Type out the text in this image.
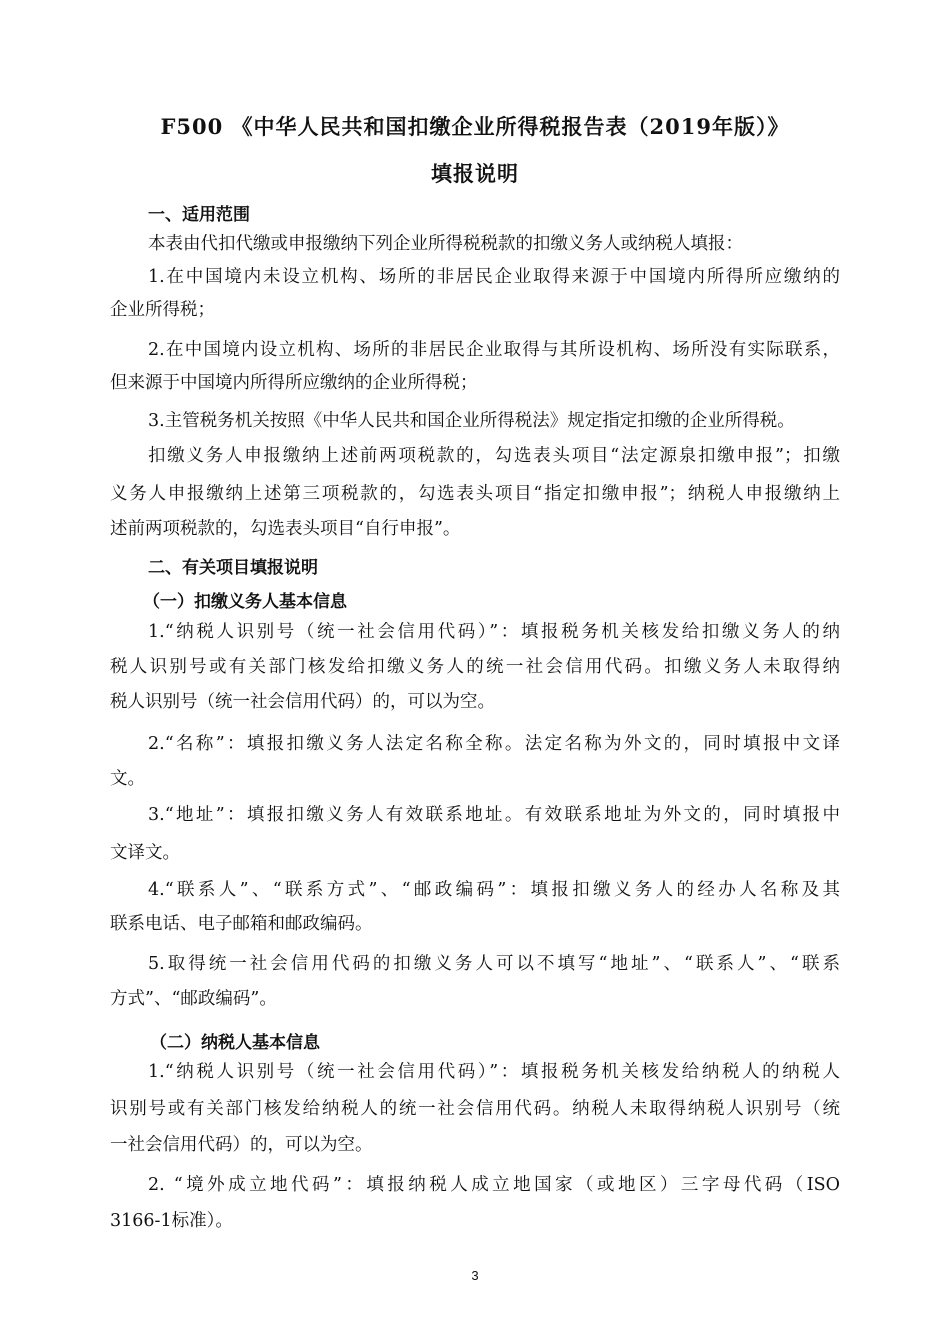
F500 《中华人民共和国扣缴企业所得税报告表（2019年版）》
填报说明
一、适用范围
本表由代扣代缴或申报缴纳下列企业所得税税款的扣缴义务人或纳税人填报：
1.在中国境内未设立机构、场所的非居民企业取得来源于中国境内所得所应缴纳的
企业所得税；
2.在中国境内设立机构、场所的非居民企业取得与其所设机构、场所没有实际联系，
但来源于中国境内所得所应缴纳的企业所得税；
3.主管税务机关按照《中华人民共和国企业所得税法》规定指定扣缴的企业所得税。
扣缴义务人申报缴纳上述前两项税款的，勾选表头项目“法定源泉扣缴申报”；扣缴
义务人申报缴纳上述第三项税款的，勾选表头项目“指定扣缴申报”；纳税人申报缴纳上
述前两项税款的，勾选表头项目“自行申报”。
二、有关项目填报说明
（一）扣缴义务人基本信息
1.“纳税人识别号（统一社会信用代码）”：填报税务机关核发给扣缴义务人的纳
税人识别号或有关部门核发给扣缴义务人的统一社会信用代码。扣缴义务人未取得纳
税人识别号（统一社会信用代码）的，可以为空。
2.“名称”：填报扣缴义务人法定名称全称。法定名称为外文的，同时填报中文译
文。
3.“地址”：填报扣缴义务人有效联系地址。有效联系地址为外文的，同时填报中
文译文。
4.“联系人”、“联系方式”、“邮政编码”：填报扣缴义务人的经办人名称及其
联系电话、电子邮箱和邮政编码。
5.取得统一社会信用代码的扣缴义务人可以不填写“地址”、“联系人”、“联系
方式”、“邮政编码”。
（二）纳税人基本信息
1.“纳税人识别号（统一社会信用代码）”：填报税务机关核发给纳税人的纳税人
识别号或有关部门核发给纳税人的统一社会信用代码。纳税人未取得纳税人识别号（统
一社会信用代码）的，可以为空。
2. “境外成立地代码”：填报纳税人成立地国家（或地区）三字母代码（ISO
3166-1标准）。
3
